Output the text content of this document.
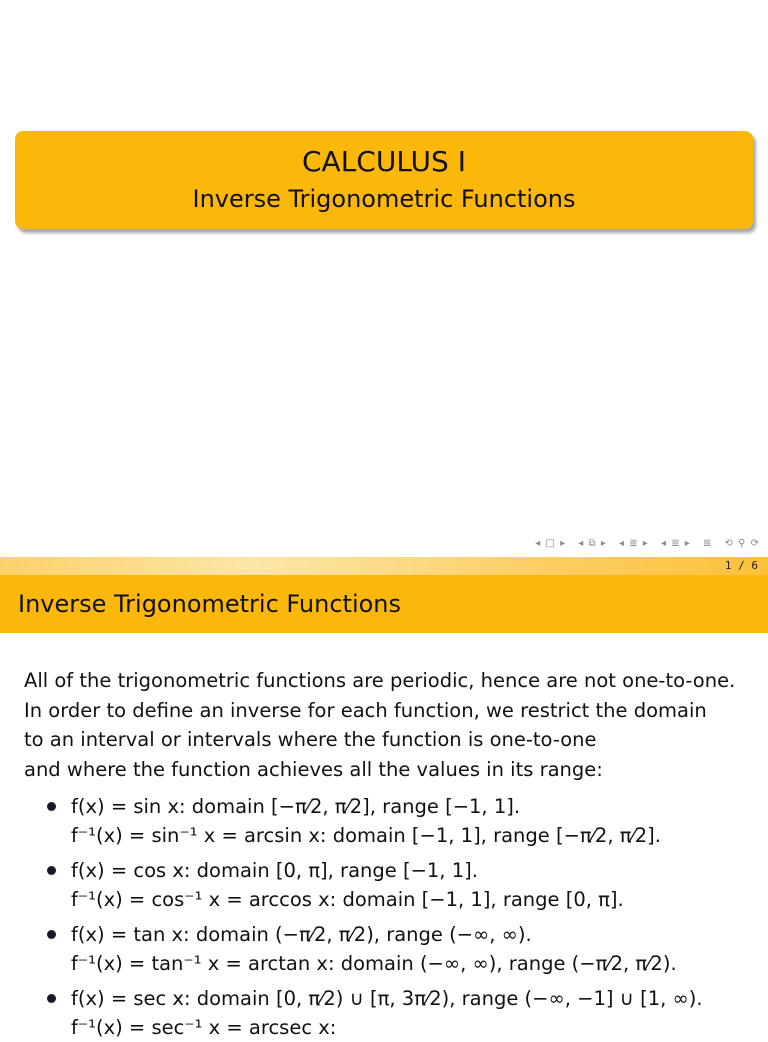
CALCULUS I
Inverse Trigonometric Functions
◂ □ ▸ ◂ ⧉ ▸ ◂ ≣ ▸ ◂ ≣ ▸ ≣ ⟲ ⚲ ⟳
1 / 6
Inverse Trigonometric Functions

All of the trigonometric functions are periodic, hence are not one-to-one.

In order to define an inverse for each function, we restrict the domain

to an interval or intervals where the function is one-to-one

and where the function achieves all the values in its range:

f(x) = sin x: domain [−π⁄2, π⁄2], range [−1, 1].
f⁻¹(x) = sin⁻¹ x = arcsin x: domain [−1, 1], range [−π⁄2, π⁄2].
f(x) = cos x: domain [0, π], range [−1, 1].
f⁻¹(x) = cos⁻¹ x = arccos x: domain [−1, 1], range [0, π].
f(x) = tan x: domain (−π⁄2, π⁄2), range (−∞, ∞).
f⁻¹(x) = tan⁻¹ x = arctan x: domain (−∞, ∞), range (−π⁄2, π⁄2).
f(x) = sec x: domain [0, π⁄2) ∪ [π, 3π⁄2), range (−∞, −1] ∪ [1, ∞).
f⁻¹(x) = sec⁻¹ x = arcsec x:
